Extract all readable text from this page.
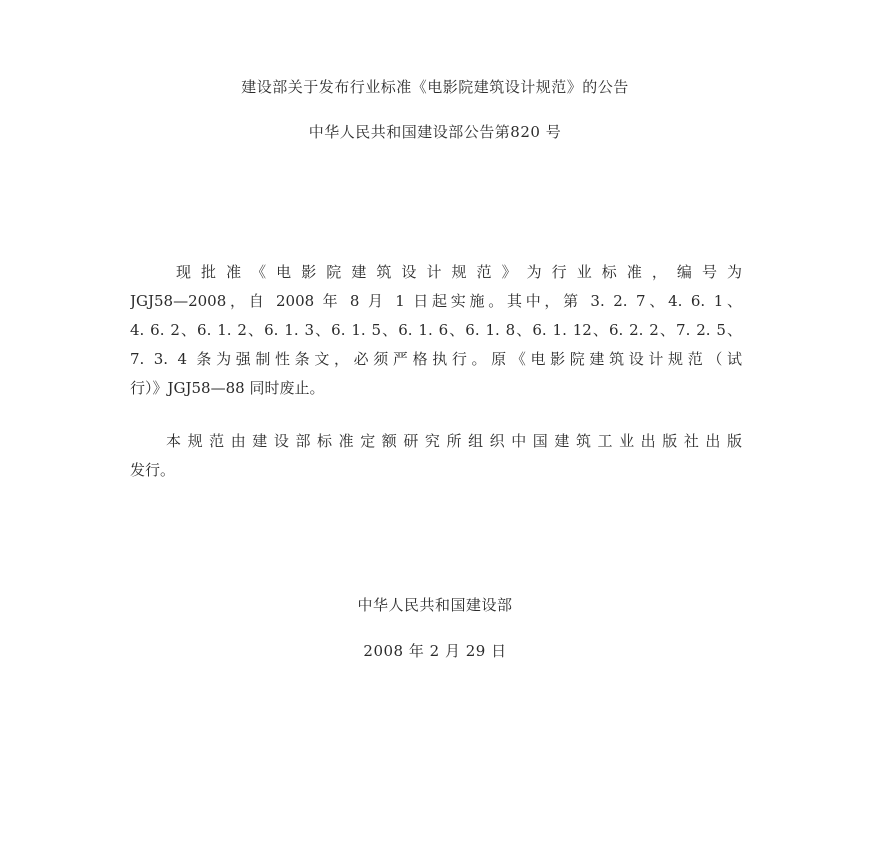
建设部关于发布行业标准《电影院建筑设计规范》的公告
中华人民共和国建设部公告第820 号
现 批 准 《 电 影 院 建 筑 设 计 规 范 》 为 行 业 标 准 ， 编 号 为
JGJ58—2008，自 2008 年 8 月 1 日起实施。其中，第 3. 2. 7、4. 6. 1、
4. 6. 2、6. 1. 2、6. 1. 3、6. 1. 5、6. 1. 6、6. 1. 8、6. 1. 12、6. 2. 2、7. 2. 5、
7. 3. 4 条为强制性条文，必须严格执行。原《电影院建筑设计规范（试
行）》JGJ58—88 同时废止。
本规范由建设部标准定额研究所组织中国建筑工业出版社出版
发行。
中华人民共和国建设部
2008 年 2 月 29 日
